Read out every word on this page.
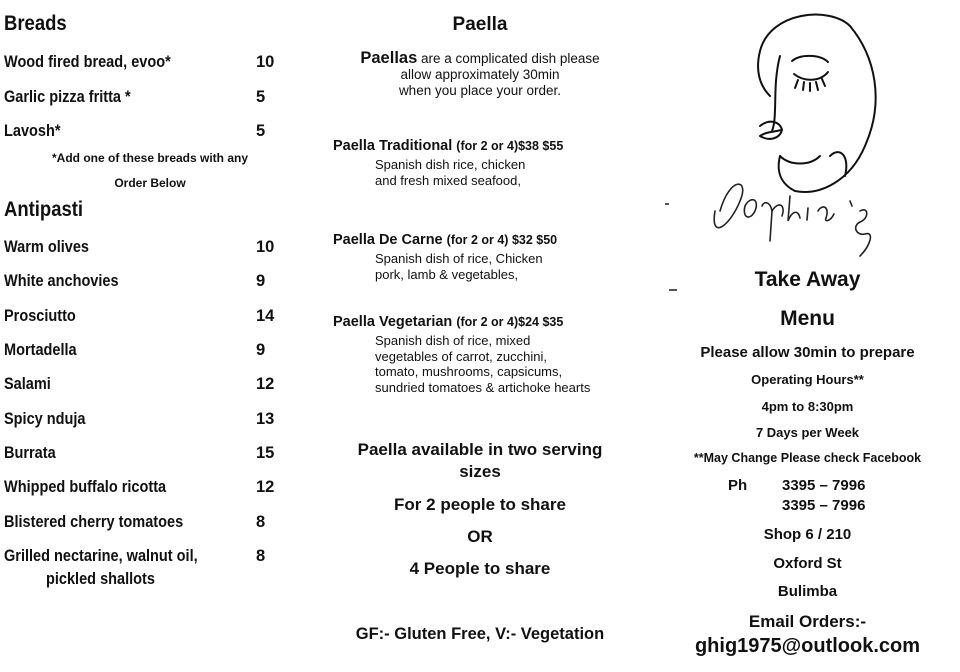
Breads
Wood fired bread, evoo*	10
Garlic pizza fritta *	5
Lavosh*	5
*Add one of these breads with any
Order Below
Antipasti
Warm olives	10
White anchovies	9
Prosciutto	14
Mortadella	9
Salami	12
Spicy nduja	13
Burrata	15
Whipped buffalo ricotta	12
Blistered cherry tomatoes	8
Grilled nectarine, walnut oil,	8
pickled shallots
Paella
Paellas are a complicated dish please
allow approximately 30min
when you place your order.
Paella Traditional (for 2 or 4)$38 $55
Spanish dish rice, chicken
and fresh mixed seafood,
Paella De Carne (for 2 or 4) $32 $50
Spanish dish of rice, Chicken
pork, lamb & vegetables,
Paella Vegetarian (for 2 or 4)$24 $35
Spanish dish of rice, mixed
vegetables of carrot, zucchini,
tomato, mushrooms, capsicums,
sundried tomatoes & artichoke hearts
Paella available in two serving
sizes
For 2 people to share
OR
4 People to share
GF:- Gluten Free, V:- Vegetation
Take Away
Menu
Please allow 30min to prepare
Operating Hours**
4pm to 8:30pm
7 Days per Week
**May Change Please check Facebook
Ph 3395 – 7996
3395 – 7996
Shop 6 / 210
Oxford St
Bulimba
Email Orders:-
ghig1975@outlook.com
